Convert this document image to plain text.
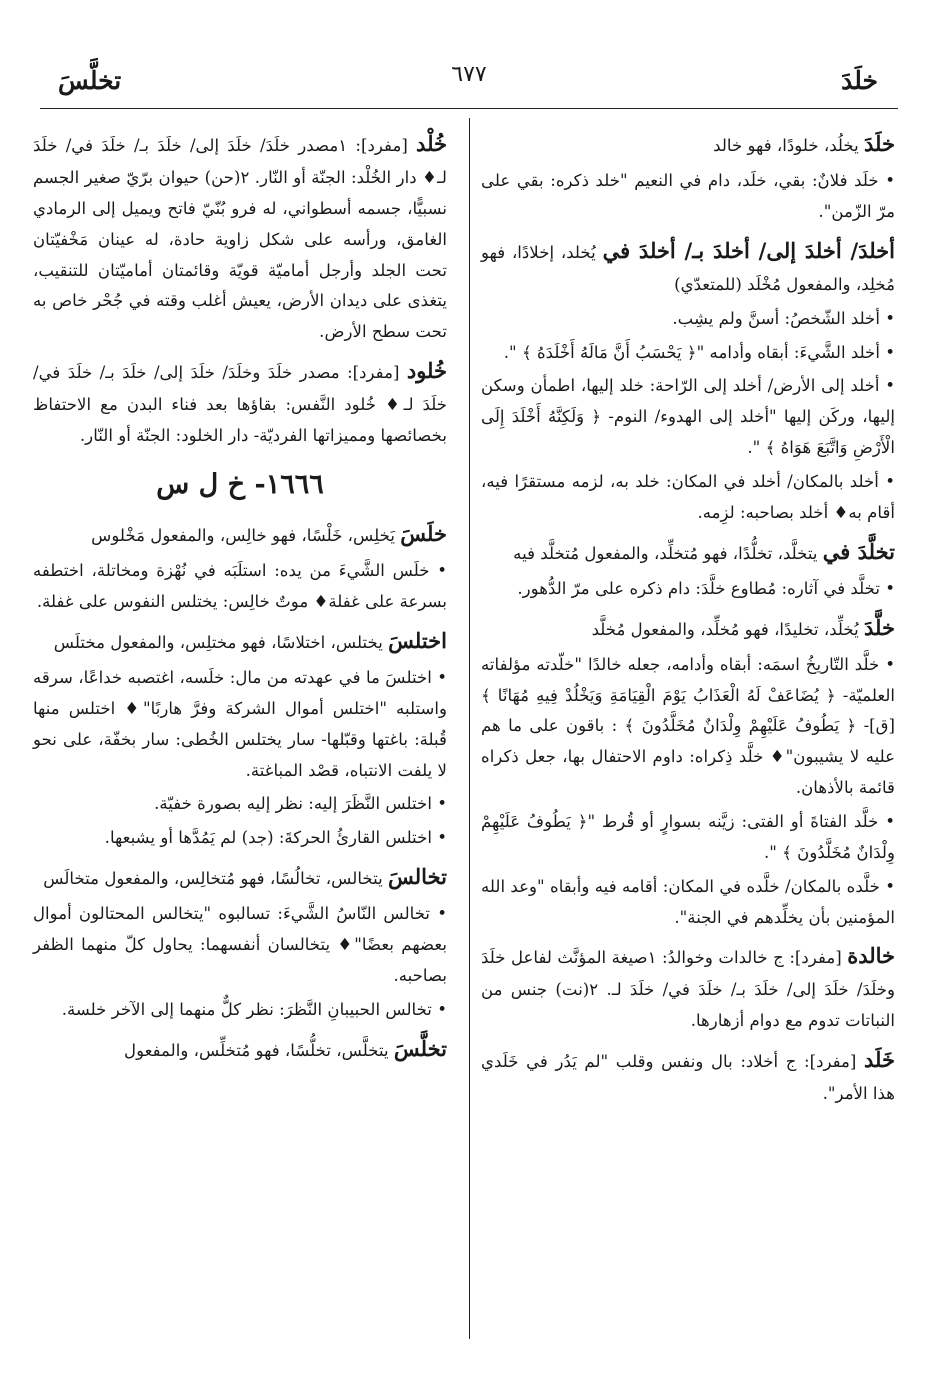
خلَدَ
٦٧٧
تخلَّسَ
خلَدَ يخلُد، خلودًا، فهو خالد
• خلَد فلانٌ: بقي، خلَد، دام في النعيم "خلد ذكره: بقي على مرّ الزّمن".
أخلدَ/ أخلدَ إلى/ أخلدَ بـ/ أخلدَ في يُخلد، إخلادًا، فهو مُخلِد، والمفعول مُخْلَد (للمتعدّي)
• أخلد الشّخصُ: أسنَّ ولم يشِب.
• أخلد الشَّيءَ: أبقاه وأدامه "﴿ يَحْسَبُ أَنَّ مَالَهُ أَخْلَدَهُ ﴾ ".
• أخلد إلى الأرض/ أخلد إلى الرّاحة: خلد إليها، اطمأن وسكن إليها، وركَن إليها "أخلد إلى الهدوء/ النوم- ﴿ وَلَكِنَّهُ أَخْلَدَ إِلَى الْأَرْضِ وَاتَّبَعَ هَوَاهُ ﴾ ".
• أخلد بالمكان/ أخلد في المكان: خلد به، لزمه مستقرًا فيه، أقام به♦ أخلد بصاحبه: لزِمه.
تخلَّدَ في يتخلَّد، تخلُّدًا، فهو مُتخلِّد، والمفعول مُتخلَّد فيه
• تخلَّد في آثاره: مُطاوع خلَّدَ: دام ذكره على مرّ الدُّهور.
خلَّدَ يُخلِّد، تخليدًا، فهو مُخلِّد، والمفعول مُخلَّد
• خلَّد التّاريخُ اسمَه: أبقاه وأدامه، جعله خالدًا "خلّدته مؤلفاته العلميّة- ﴿ يُضَاعَفْ لَهُ الْعَذَابُ يَوْمَ الْقِيَامَةِ وَيَخْلُدْ فِيهِ مُهَانًا ﴾ [ق]- ﴿ يَطُوفُ عَلَيْهِمْ وِلْدَانٌ مُخَلَّدُونَ ﴾ : باقون على ما هم عليه لا يشيبون"♦ خلَّد ذِكراه: داوم الاحتفال بها، جعل ذكراه قائمة بالأذهان.
• خلَّد الفتاةَ أو الفتى: زيَّنه بسوارٍ أو قُرط "﴿ يَطُوفُ عَلَيْهِمْ وِلْدَانٌ مُخَلَّدُونَ ﴾ ".
• خلَّده بالمكان/ خلَّده في المكان: أقامه فيه وأبقاه "وعد الله المؤمنين بأن يخلِّدهم في الجنة".
خالدة [مفرد]: ج خالدات وخوالدُ: ١صيغة المؤنَّث لفاعل خلَدَ وخلَدَ/ خلَدَ إلى/ خلَدَ بـ/ خلَدَ في/ خلَدَ لـ. ٢(نت) جنس من النباتات تدوم مع دوام أزهارها.
خَلَد [مفرد]: ج أخلاد: بال ونفس وقلب "لم يَدُر في خَلَدي هذا الأمر".
خُلْد [مفرد]: ١مصدر خلَدَ/ خلَدَ إلى/ خلَدَ بـ/ خلَدَ في/ خلَدَ لـ♦ دار الخُلْد: الجنّة أو النّار. ٢(حن) حيوان برّيّ صغير الجسم نسبيًّا، جسمه أسطواني، له فرو بُنّيّ فاتح ويميل إلى الرمادي الغامق، ورأسه على شكل زاوية حادة، له عينان مَخْفيّتان تحت الجلد وأرجل أماميّة قويّة وقائمتان أماميّتان للتنقيب، يتغذى على ديدان الأرض، يعيش أغلب وقته في جُحْر خاص به تحت سطح الأرض.
خُلود [مفرد]: مصدر خلَدَ وخلَدَ/ خلَدَ إلى/ خلَدَ بـ/ خلَدَ في/ خلَدَ لـ♦ خُلود النَّفس: بقاؤها بعد فناء البدن مع الاحتفاظ بخصائصها ومميزاتها الفرديّة- دار الخلود: الجنّة أو النّار.
١٦٦٦- خ ل س
خلَسَ يَخلِس، خَلْسًا، فهو خالِس، والمفعول مَخْلوس
• خلَس الشَّيءَ من يده: استلَبَه في نُهْزة ومخاتلة، اختطفه بسرعة على غفلة♦ موتٌ خالِس: يختلس النفوس على غفلة.
اختلسَ يختلس، اختلاسًا، فهو مختلِس، والمفعول مختلَس
• اختلسَ ما في عهدته من مال: خلَسه، اغتصبه خداعًا، سرقه واستلبه "اختلس أموال الشركة وفرَّ هاربًا"♦ اختلس منها قُبلة: باغتها وقبّلها- سار يختلس الخُطى: سار بخفّة، على نحو لا يلفت الانتباه، قصْد المباغتة.
• اختلس النَّظَرَ إليه: نظر إليه بصورة خفيّة.
• اختلس القارئُ الحركةَ: (جد) لم يَمُدَّها أو يشبعها.
تخالسَ يتخالس، تخالُسًا، فهو مُتخالِس، والمفعول متخالَس
• تخالس النّاسُ الشَّيءَ: تسالبوه "يتخالس المحتالون أموال بعضهم بعضًا"♦ يتخالسان أنفسهما: يحاول كلّ منهما الظفر بصاحبه.
• تخالس الحبيبانِ النَّظرَ: نظر كلٌّ منهما إلى الآخر خلسة.
تخلَّسَ يتخلَّس، تخلُّسًا، فهو مُتخلِّس، والمفعول
